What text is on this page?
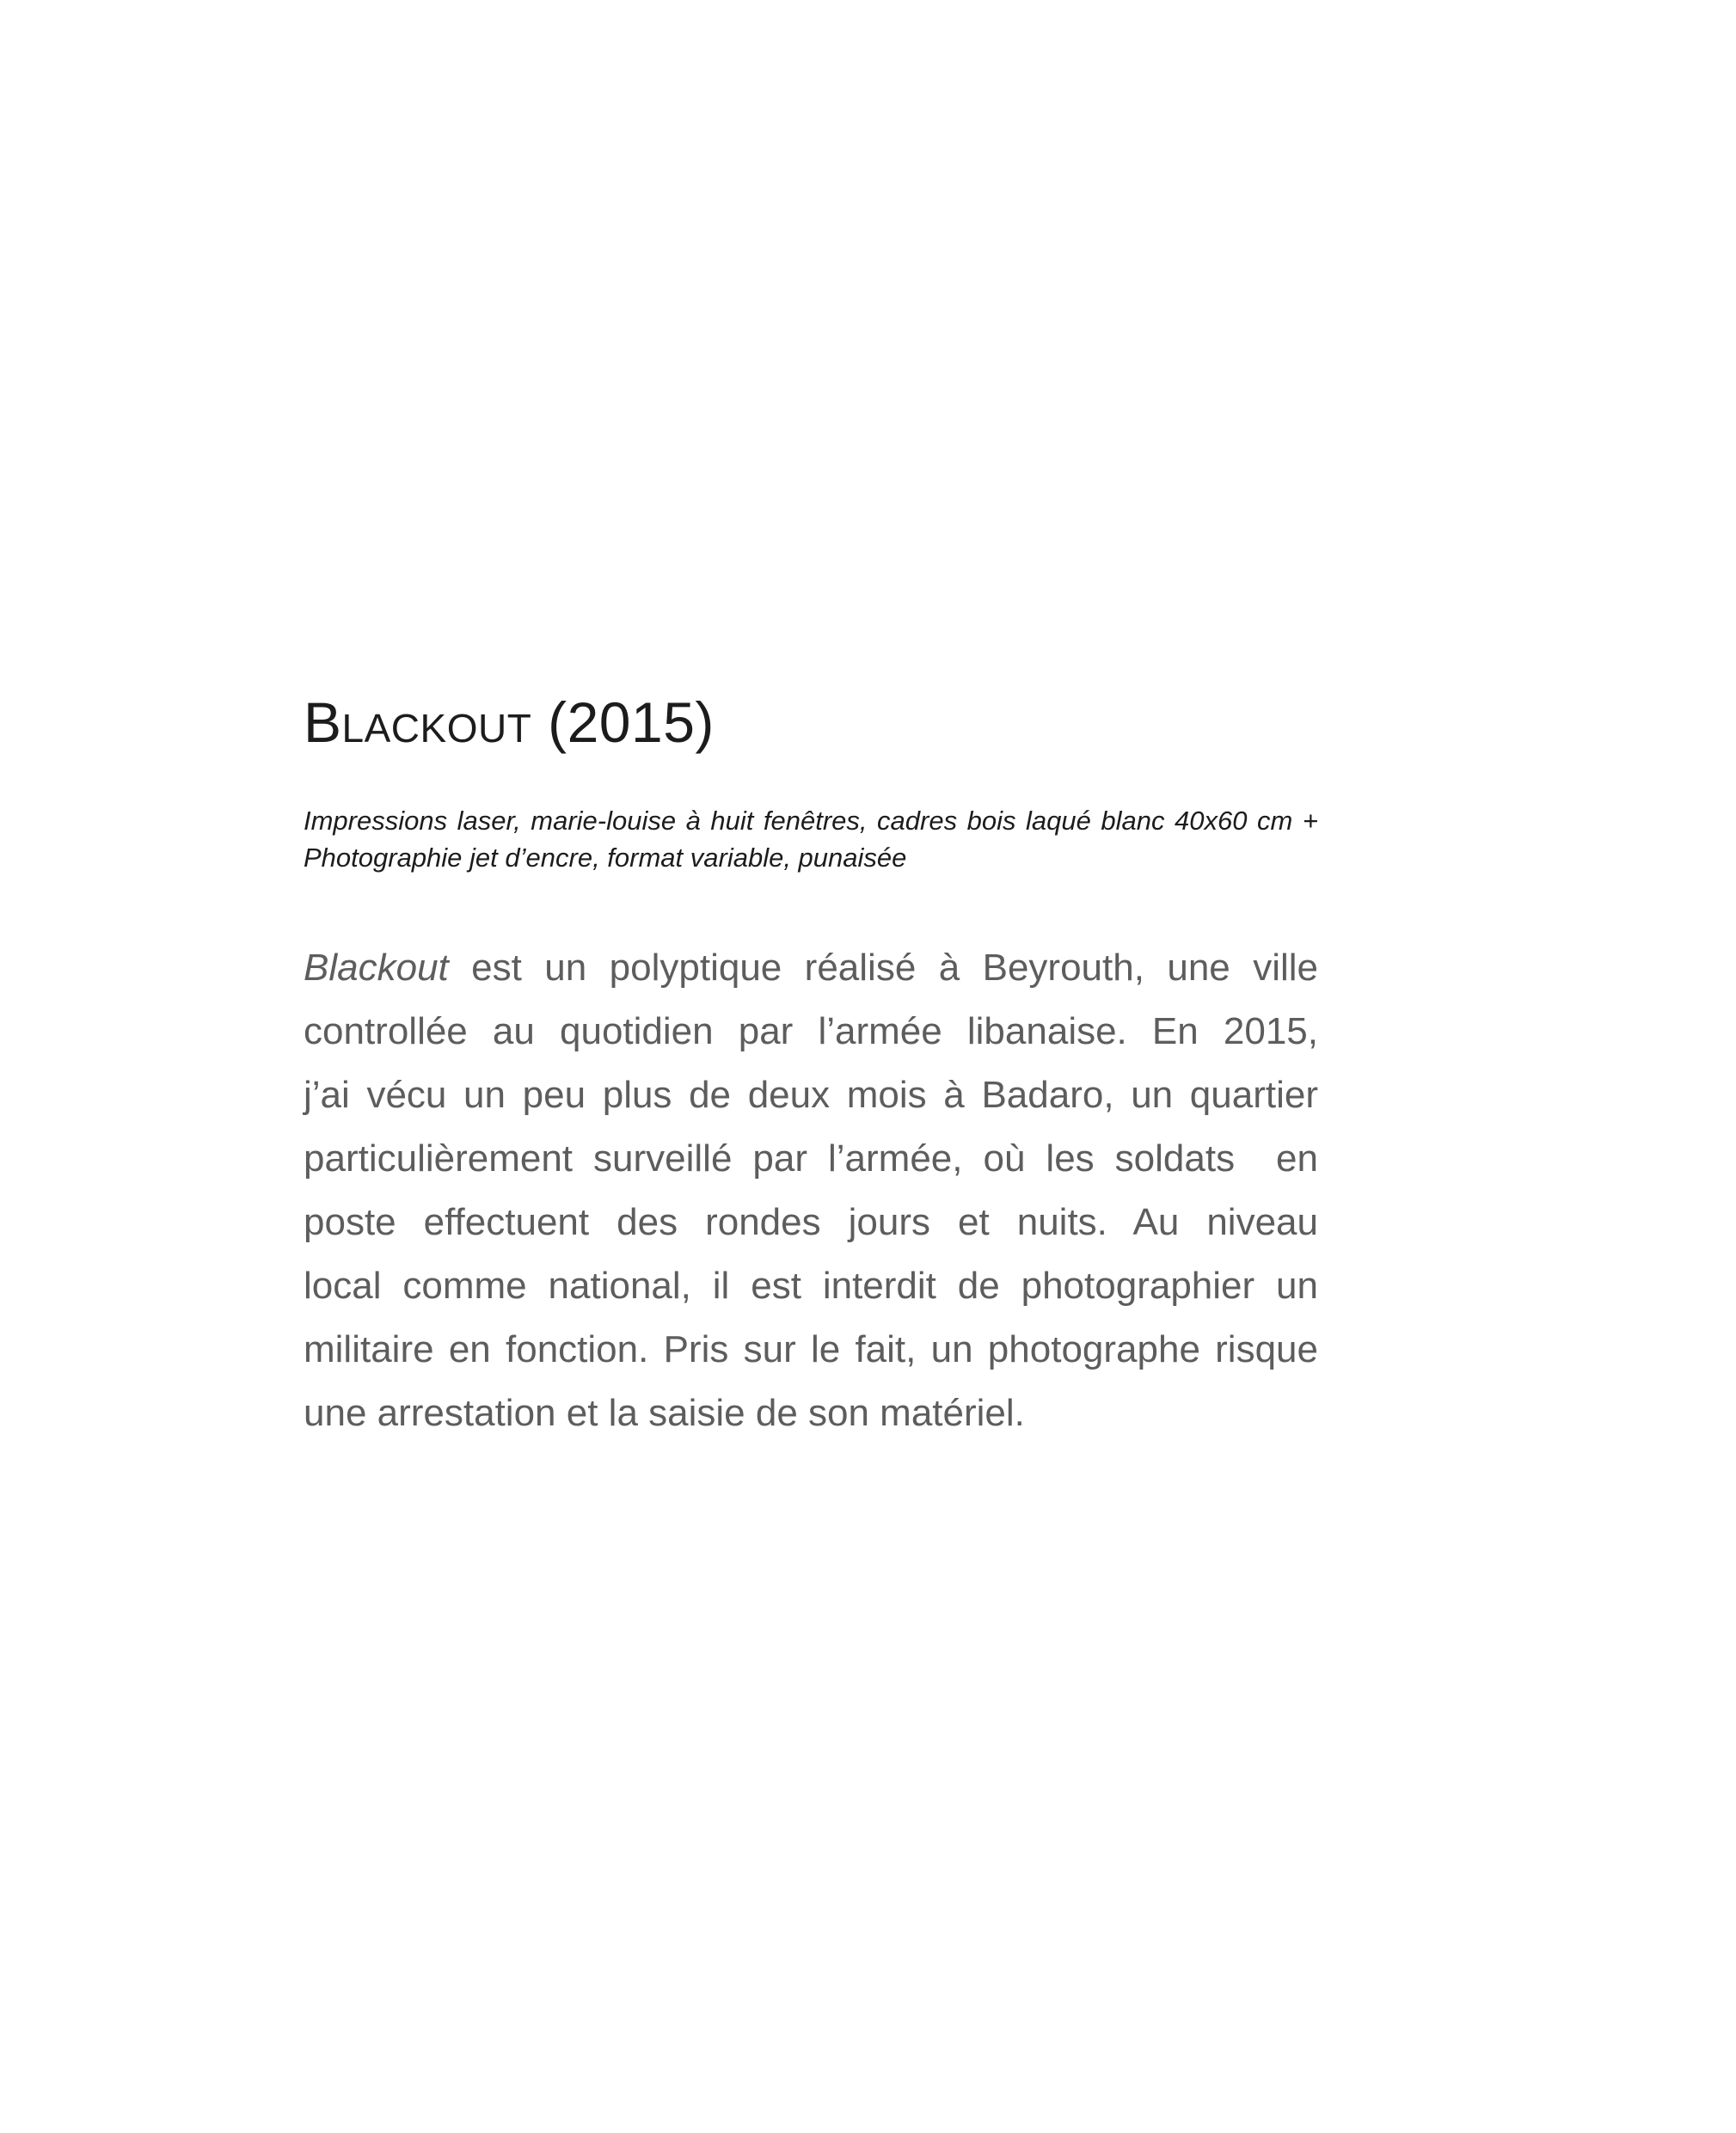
Blackout (2015)
Impressions laser, marie-louise à huit fenêtres, cadres bois laqué blanc 40x60 cm +
Photographie jet d’encre, format variable, punaisée
Blackout est un polyptique réalisé à Beyrouth, une ville
controllée au quotidien par l’armée libanaise. En 2015,
j’ai vécu un peu plus de deux mois à Badaro, un quartier
particulièrement surveillé par l’armée, où les soldats  en
poste effectuent des rondes jours et nuits. Au niveau
local comme national, il est interdit de photographier un
militaire en fonction. Pris sur le fait, un photographe risque
une arrestation et la saisie de son matériel.
